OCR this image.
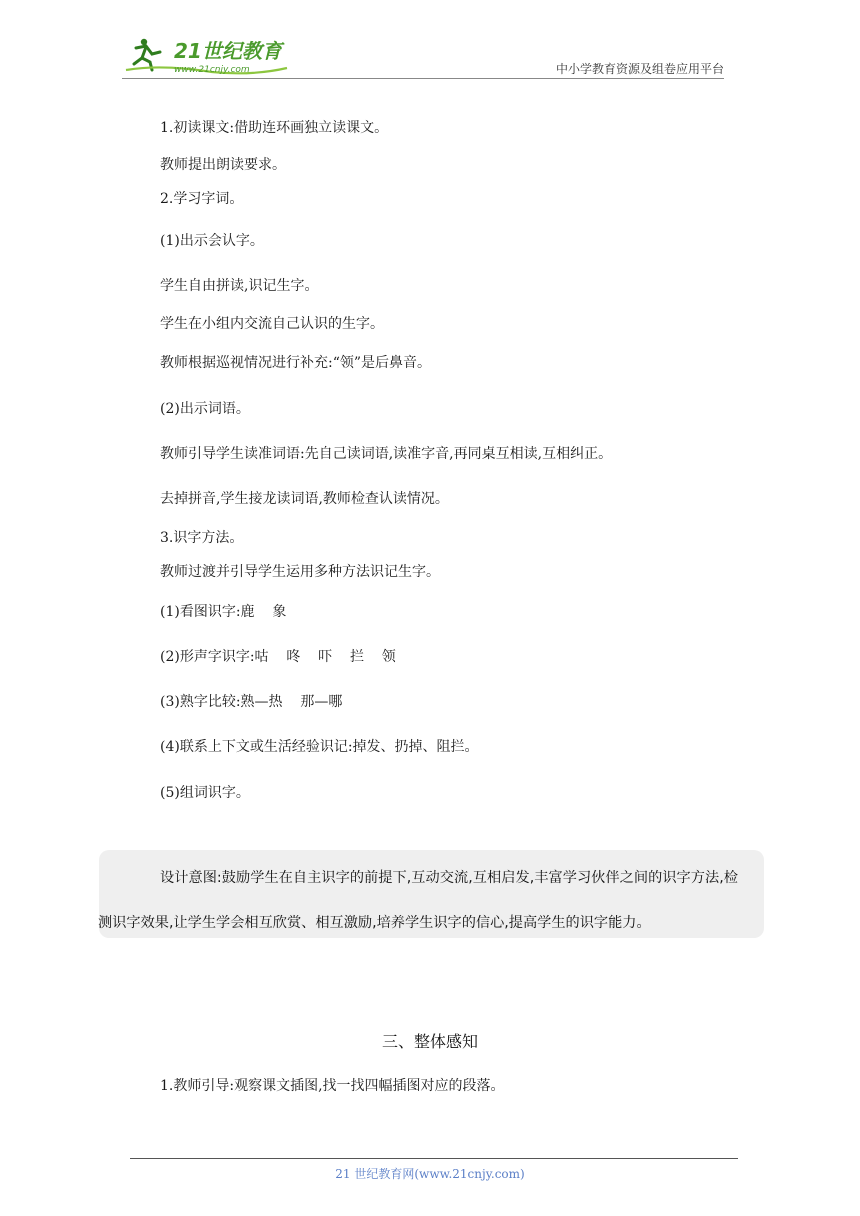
21世纪教育
www.21cnjy.com	中小学教育资源及组卷应用平台
1.初读课文:借助连环画独立读课文。
教师提出朗读要求。
2.学习字词。
(1)出示会认字。
学生自由拼读,识记生字。
学生在小组内交流自己认识的生字。
教师根据巡视情况进行补充:“领”是后鼻音。
(2)出示词语。
教师引导学生读准词语:先自己读词语,读准字音,再同桌互相读,互相纠正。
去掉拼音,学生接龙读词语,教师检查认读情况。
3.识字方法。
教师过渡并引导学生运用多种方法识记生字。
(1)看图识字:鹿    象
(2)形声字识字:咕    咚    吓    拦    领
(3)熟字比较:熟—热    那—哪
(4)联系上下文或生活经验识记:掉发、扔掉、阻拦。
(5)组词识字。
设计意图:鼓励学生在自主识字的前提下,互动交流,互相启发,丰富学习伙伴之间的识字方法,检测识字效果,让学生学会相互欣赏、相互激励,培养学生识字的信心,提高学生的识字能力。
三、整体感知
1.教师引导:观察课文插图,找一找四幅插图对应的段落。
21 世纪教育网(www.21cnjy.com)
